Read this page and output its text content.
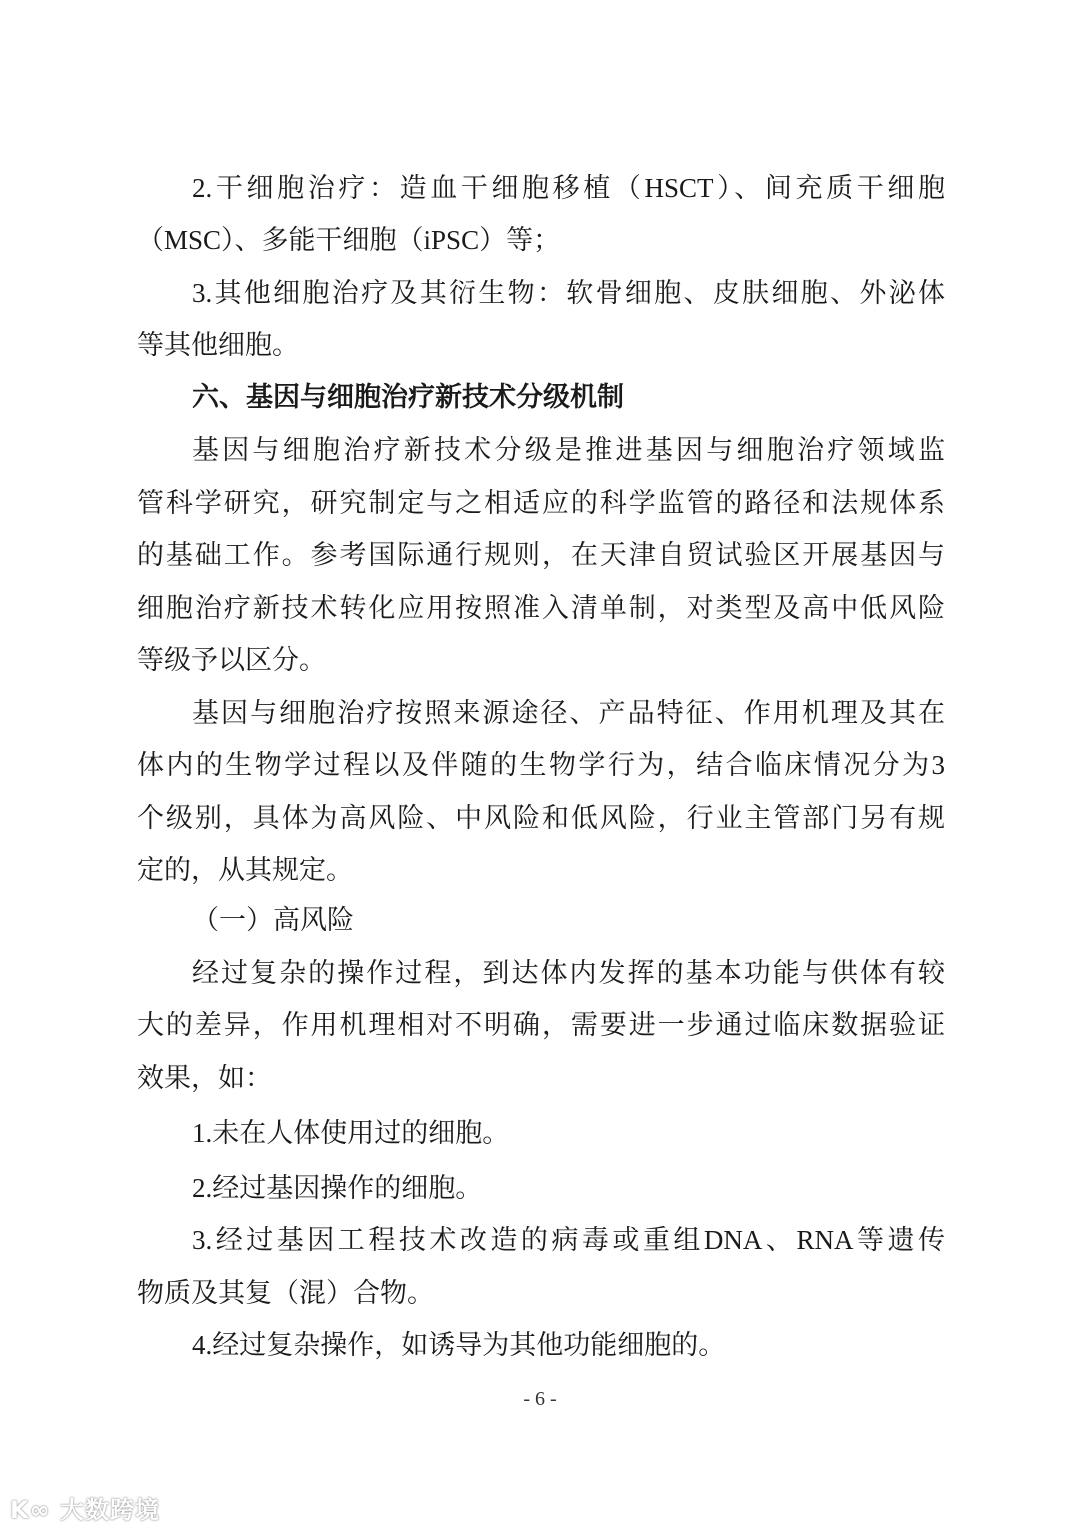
2.干细胞治疗：造血干细胞移植（HSCT）、间充质干细胞
（MSC）、多能干细胞（iPSC）等；
3.其他细胞治疗及其衍生物：软骨细胞、皮肤细胞、外泌体
等其他细胞。
六、基因与细胞治疗新技术分级机制
基因与细胞治疗新技术分级是推进基因与细胞治疗领域监
管科学研究，研究制定与之相适应的科学监管的路径和法规体系
的基础工作。参考国际通行规则，在天津自贸试验区开展基因与
细胞治疗新技术转化应用按照准入清单制，对类型及高中低风险
等级予以区分。
基因与细胞治疗按照来源途径、产品特征、作用机理及其在
体内的生物学过程以及伴随的生物学行为，结合临床情况分为3
个级别，具体为高风险、中风险和低风险，行业主管部门另有规
定的，从其规定。
（一）高风险
经过复杂的操作过程，到达体内发挥的基本功能与供体有较
大的差异，作用机理相对不明确，需要进一步通过临床数据验证
效果，如：
1.未在人体使用过的细胞。
2.经过基因操作的细胞。
3.经过基因工程技术改造的病毒或重组DNA、RNA等遗传
物质及其复（混）合物。
4.经过复杂操作，如诱导为其他功能细胞的。
- 6 -
K∞ 大数跨境
